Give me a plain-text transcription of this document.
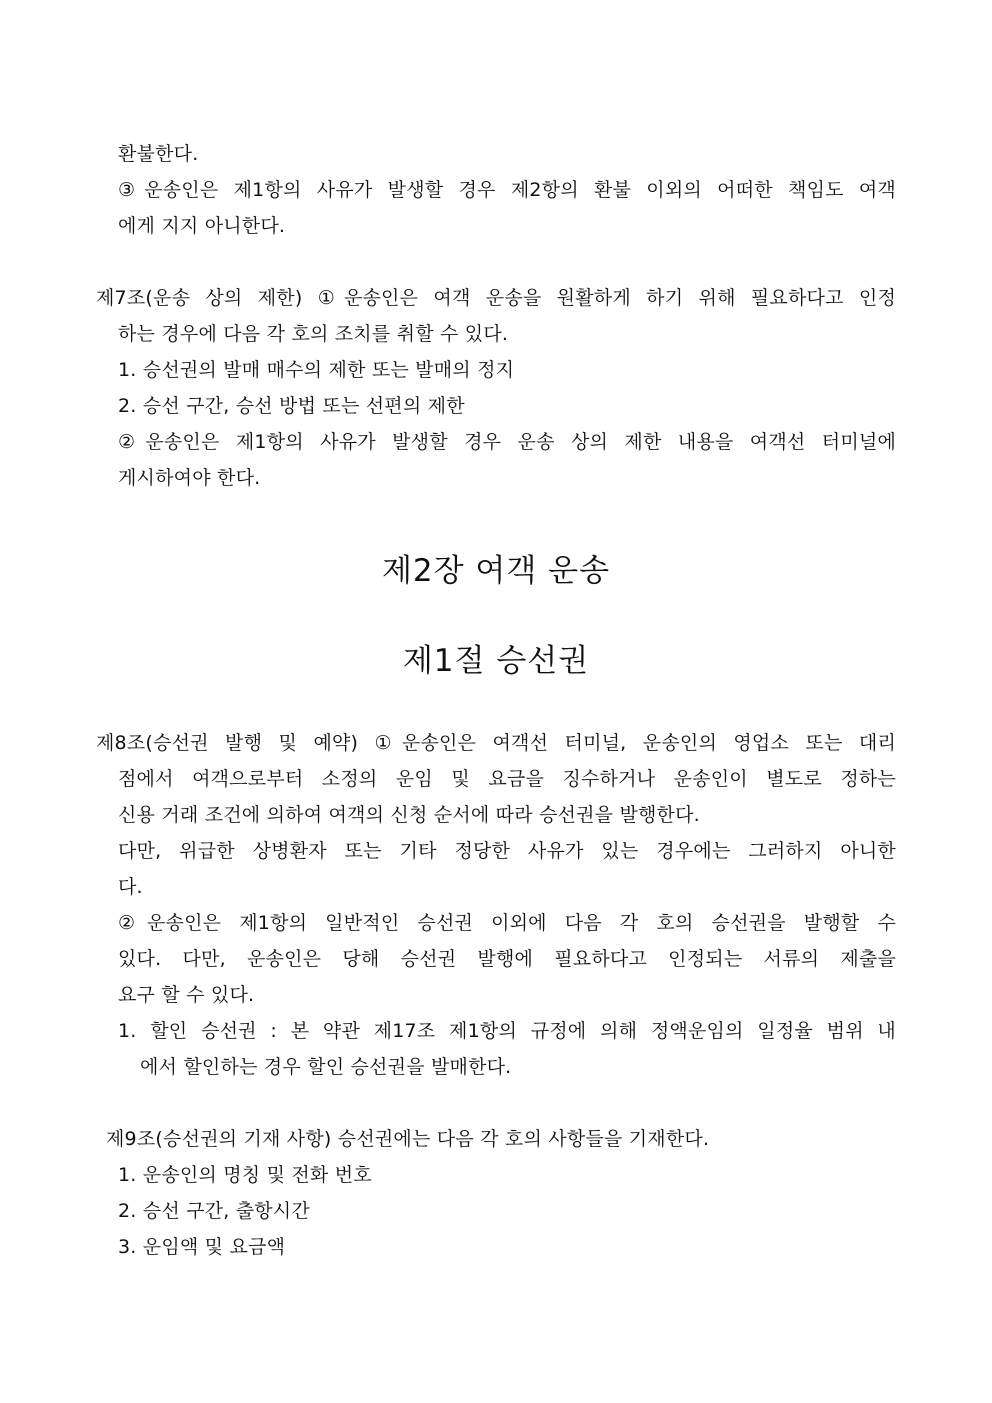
환불한다.
③운송인은 제1항의 사유가 발생할 경우 제2항의 환불 이외의 어떠한 책임도 여객
에게 지지 아니한다.
제7조(운송 상의 제한) ①운송인은 여객 운송을 원활하게 하기 위해 필요하다고 인정
하는 경우에 다음 각 호의 조치를 취할 수 있다.
1. 승선권의 발매 매수의 제한 또는 발매의 정지
2. 승선 구간, 승선 방법 또는 선편의 제한
②운송인은 제1항의 사유가 발생할 경우 운송 상의 제한 내용을 여객선 터미널에
게시하여야 한다.
제2장 여객 운송
제1절 승선권
제8조(승선권 발행 및 예약) ①운송인은 여객선 터미널, 운송인의 영업소 또는 대리
점에서 여객으로부터 소정의 운임 및 요금을 징수하거나 운송인이 별도로 정하는
신용 거래 조건에 의하여 여객의 신청 순서에 따라 승선권을 발행한다.
다만, 위급한 상병환자 또는 기타 정당한 사유가 있는 경우에는 그러하지 아니한
다.
②운송인은 제1항의 일반적인 승선권 이외에 다음 각 호의 승선권을 발행할 수
있다. 다만, 운송인은 당해 승선권 발행에 필요하다고 인정되는 서류의 제출을
요구 할 수 있다.
1. 할인 승선권 : 본 약관 제17조 제1항의 규정에 의해 정액운임의 일정율 범위 내
에서 할인하는 경우 할인 승선권을 발매한다.
제9조(승선권의 기재 사항) 승선권에는 다음 각 호의 사항들을 기재한다.
1. 운송인의 명칭 및 전화 번호
2. 승선 구간, 출항시간
3. 운임액 및 요금액
